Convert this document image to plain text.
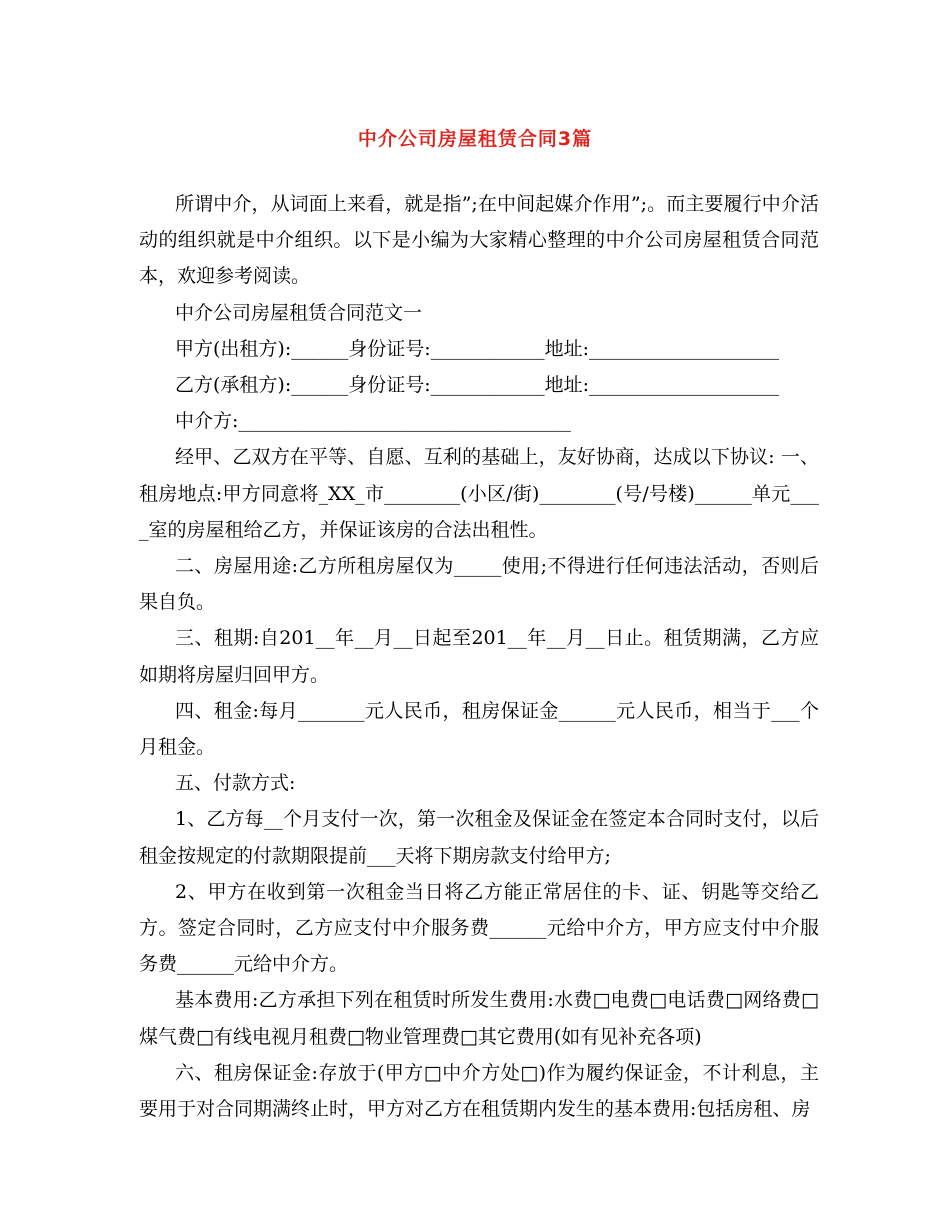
中介公司房屋租赁合同3篇

所谓中介，从词面上来看，就是指”;在中间起媒介作用”;。而主要履行中介活动的组织就是中介组织。以下是小编为大家精心整理的中介公司房屋租赁合同范本，欢迎参考阅读。

中介公司房屋租赁合同范文一

甲方(出租方):______身份证号:____________地址:____________________

乙方(承租方):______身份证号:____________地址:____________________

中介方:___________________________________

经甲、乙双方在平等、自愿、互利的基础上，友好协商，达成以下协议: 一、租房地点:甲方同意将_XX_市________(小区/街)________(号/号楼)______单元____室的房屋租给乙方，并保证该房的合法出租性。

二、房屋用途:乙方所租房屋仅为_____使用;不得进行任何违法活动，否则后果自负。

三、租期:自201__年__月__日起至201__年__月__日止。租赁期满，乙方应如期将房屋归回甲方。

四、租金:每月_______元人民币，租房保证金______元人民币，相当于___个月租金。

五、付款方式:

1、乙方每__个月支付一次，第一次租金及保证金在签定本合同时支付，以后租金按规定的付款期限提前___天将下期房款支付给甲方;

2、甲方在收到第一次租金当日将乙方能正常居住的卡、证、钥匙等交给乙方。签定合同时，乙方应支付中介服务费______元给中介方，甲方应支付中介服务费______元给中介方。

基本费用:乙方承担下列在租赁时所发生费用:水费□电费□电话费□网络费□煤气费□有线电视月租费□物业管理费□其它费用(如有见补充各项)

六、租房保证金:存放于(甲方□中介方处□)作为履约保证金，不计利息，主要用于对合同期满终止时，甲方对乙方在租赁期内发生的基本费用:包括房租、房
